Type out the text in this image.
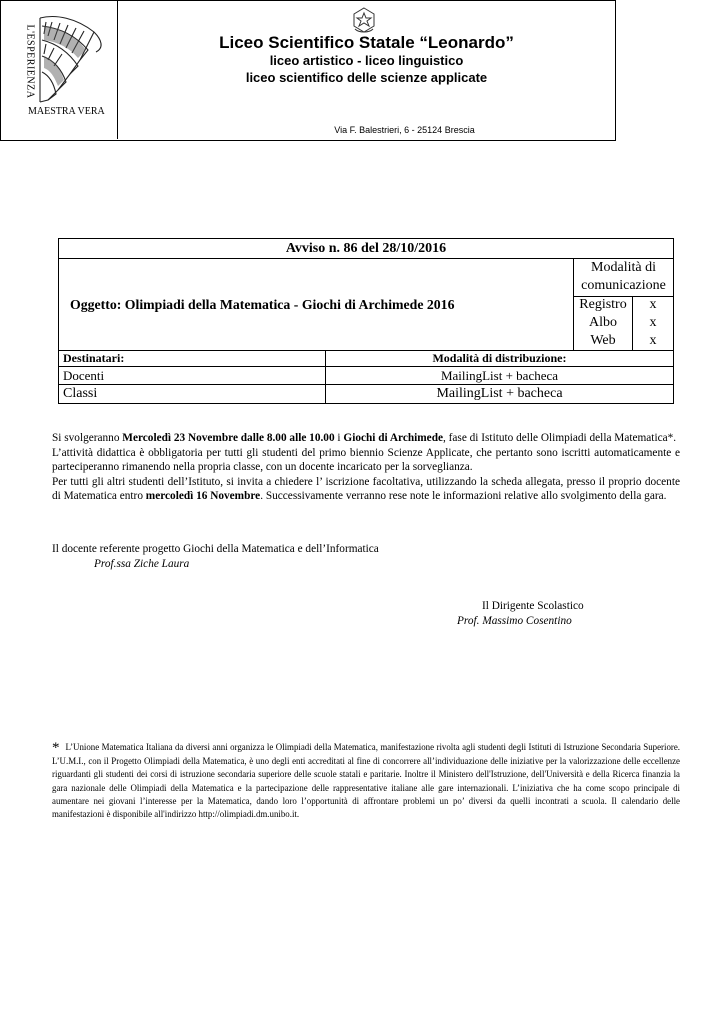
L'ESPERIENZA
MAESTRA VERA
Liceo Scientifico Statale “Leonardo”
liceo artistico - liceo linguistico
liceo scientifico delle scienze applicate
Via F. Balestrieri, 6 - 25124 Brescia
Avviso n. 86 del 28/10/2016

Oggetto: Olimpiadi della Matematica - Giochi di Archimede 2016	
Modalità di comunicazione
Registro	x
Albo	x
Web	x

Destinatari:	Modalità di distribuzione:
Docenti	MailingList + bacheca
Classi	MailingList + bacheca

Si svolgeranno Mercoledì 23 Novembre dalle 8.00 alle 10.00 i Giochi di Archimede, fase di Istituto delle Olimpiadi della Matematica*.

L’attività didattica è obbligatoria per tutti gli studenti del primo biennio Scienze Applicate, che pertanto sono iscritti automaticamente e parteciperanno rimanendo nella propria classe, con un docente incaricato per la sorveglianza.

Per tutti gli altri studenti dell’Istituto, si invita a chiedere l’ iscrizione facoltativa, utilizzando la scheda allegata, presso il proprio docente di Matematica entro mercoledì 16 Novembre. Successivamente verranno rese note le informazioni relative allo svolgimento della gara.

Il docente referente progetto Giochi della Matematica e dell’Informatica

Prof.ssa Ziche Laura

Il Dirigente Scolastico
Prof. Massimo Cosentino
* L’Unione Matematica Italiana da diversi anni organizza le Olimpiadi della Matematica, manifestazione rivolta agli studenti degli Istituti di Istruzione Secondaria Superiore. L’U.M.I., con il Progetto Olimpiadi della Matematica, è uno degli enti accreditati al fine di concorrere all’individuazione delle iniziative per la valorizzazione delle eccellenze riguardanti gli studenti dei corsi di istruzione secondaria superiore delle scuole statali e paritarie. Inoltre il Ministero dell'Istruzione, dell'Università e della Ricerca finanzia la gara nazionale delle Olimpiadi della Matematica e la partecipazione delle rappresentative italiane alle gare internazionali. L’iniziativa che ha come scopo principale di aumentare nei giovani l’interesse per la Matematica, dando loro l’opportunità di affrontare problemi un po’ diversi da quelli incontrati a scuola. Il calendario delle manifestazioni è disponibile all'indirizzo http://olimpiadi.dm.unibo.it.
